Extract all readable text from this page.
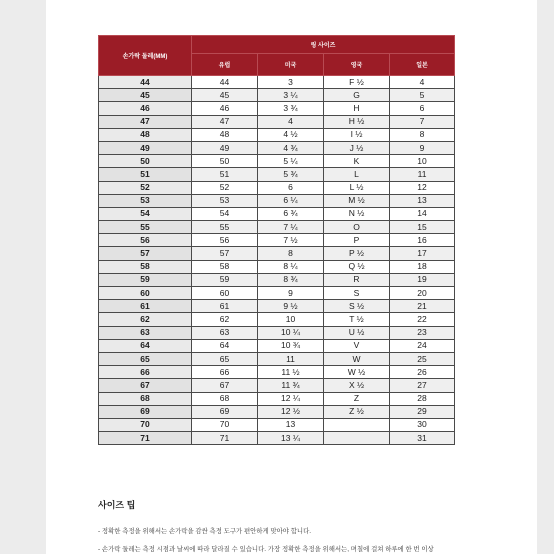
손가락 둘레(MM)	링 사이즈			
	유럽	미국	영국	일본
44	44	3	F ½	4
45	45	3 ¼	G	5
46	46	3 ¾	H	6
47	47	4	H ½	7
48	48	4 ½	I ½	8
49	49	4 ¾	J ½	9
50	50	5 ¼	K	10
51	51	5 ¾	L	11
52	52	6	L ½	12
53	53	6 ¼	M ½	13
54	54	6 ¾	N ½	14
55	55	7 ¼	O	15
56	56	7 ½	P	16
57	57	8	P ½	17
58	58	8 ¼	Q ½	18
59	59	8 ¾	R	19
60	60	9	S	20
61	61	9 ½	S ½	21
62	62	10	T ½	22
63	63	10 ¼	U ½	23
64	64	10 ¾	V	24
65	65	11	W	25
66	66	11 ½	W ½	26
67	67	11 ¾	X ½	27
68	68	12 ¼	Z	28
69	69	12 ½	Z ½	29
70	70	13		30
71	71	13 ¼		31
사이즈 팁
- 정확한 측정을 위해서는 손가락을 감싼 측정 도구가 편안하게 맞아야 합니다.
- 손가락 둘레는 측정 시점과 날씨에 따라 달라질 수 있습니다. 가장 정확한 측정을 위해서는, 며칠에 걸쳐 하루에 한 번 이상
